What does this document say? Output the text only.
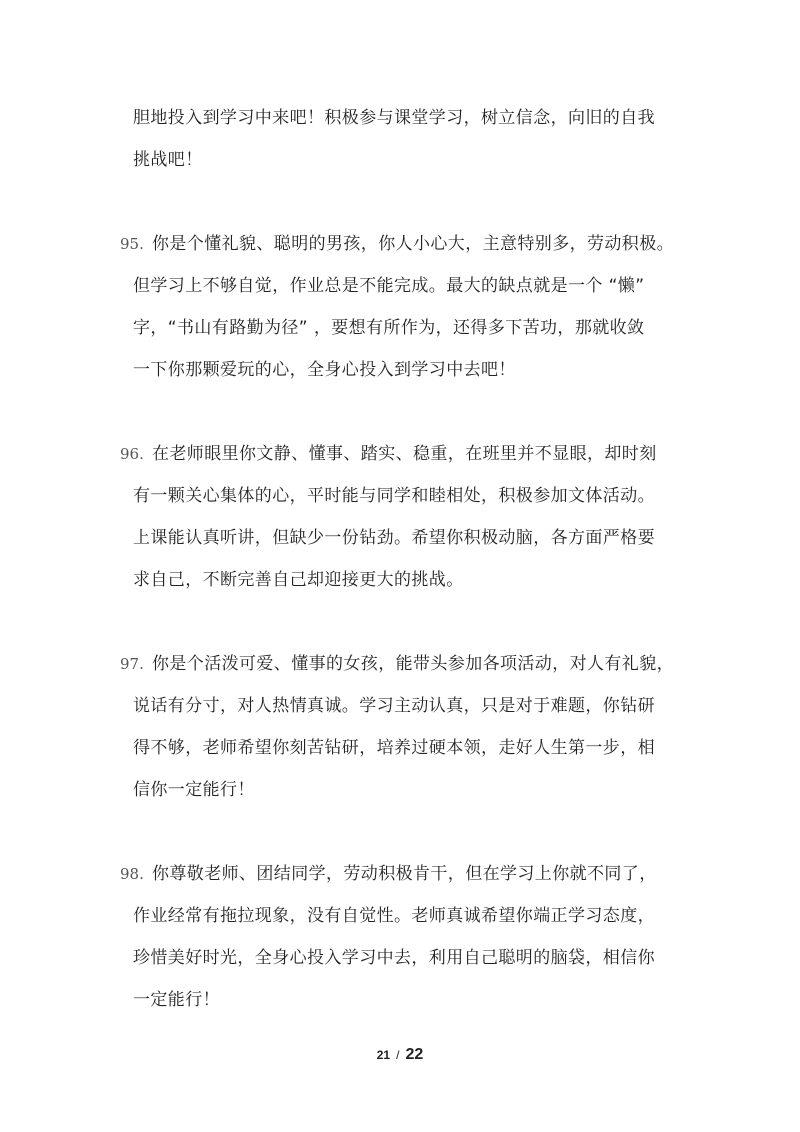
胆地投入到学习中来吧！积极参与课堂学习，树立信念，向旧的自我
挑战吧！
95. 你是个懂礼貌、聪明的男孩，你人小心大，主意特别多，劳动积极。
但学习上不够自觉，作业总是不能完成。最大的缺点就是一个 “懒”
字，“书山有路勤为径” ，要想有所作为，还得多下苦功，那就收敛
一下你那颗爱玩的心，全身心投入到学习中去吧！
96. 在老师眼里你文静、懂事、踏实、稳重，在班里并不显眼，却时刻
有一颗关心集体的心，平时能与同学和睦相处，积极参加文体活动。
上课能认真听讲，但缺少一份钻劲。希望你积极动脑，各方面严格要
求自己，不断完善自己却迎接更大的挑战。
97. 你是个活泼可爱、懂事的女孩，能带头参加各项活动，对人有礼貌，
说话有分寸，对人热情真诚。学习主动认真，只是对于难题，你钻研
得不够，老师希望你刻苦钻研，培养过硬本领，走好人生第一步，相
信你一定能行！
98. 你尊敬老师、团结同学，劳动积极肯干，但在学习上你就不同了，
作业经常有拖拉现象，没有自觉性。老师真诚希望你端正学习态度，
珍惜美好时光，全身心投入学习中去，利用自己聪明的脑袋，相信你
一定能行！
21 / 22
